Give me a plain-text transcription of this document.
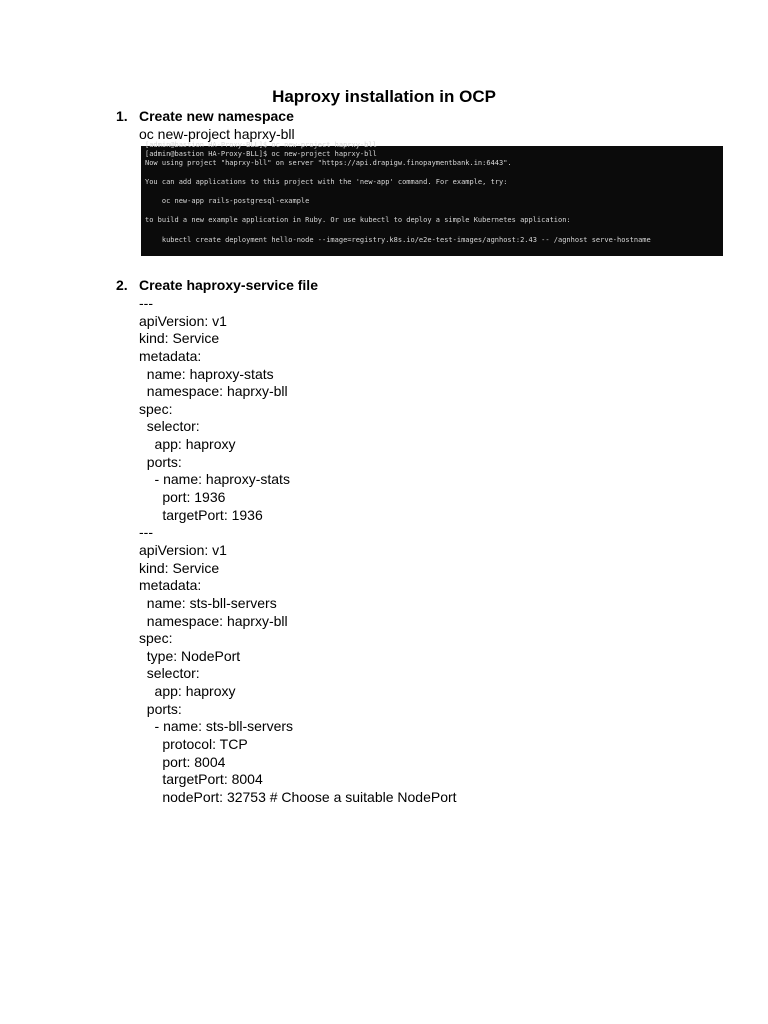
Haproxy installation in OCP
1. Create new namespace
oc new-project haprxy-bll
[admin@bastion HA-Proxy-BLL]$ oc new-project haprxy-bll
[admin@bastion HA-Proxy-BLL]$ oc new-project haprxy-bll
Now using project "haprxy-bll" on server "https://api.drapigw.finopaymentbank.in:6443".
You can add applications to this project with the 'new-app' command. For example, try:
oc new-app rails-postgresql-example
to build a new example application in Ruby. Or use kubectl to deploy a simple Kubernetes application:
kubectl create deployment hello-node --image=registry.k8s.io/e2e-test-images/agnhost:2.43 -- /agnhost serve-hostname
2. Create haproxy-service file
---
apiVersion: v1
kind: Service
metadata:
name: haproxy-stats
namespace: haprxy-bll
spec:
selector:
app: haproxy
ports:
- name: haproxy-stats
port: 1936
targetPort: 1936
---
apiVersion: v1
kind: Service
metadata:
name: sts-bll-servers
namespace: haprxy-bll
spec:
type: NodePort
selector:
app: haproxy
ports:
- name: sts-bll-servers
protocol: TCP
port: 8004
targetPort: 8004
nodePort: 32753 # Choose a suitable NodePort
